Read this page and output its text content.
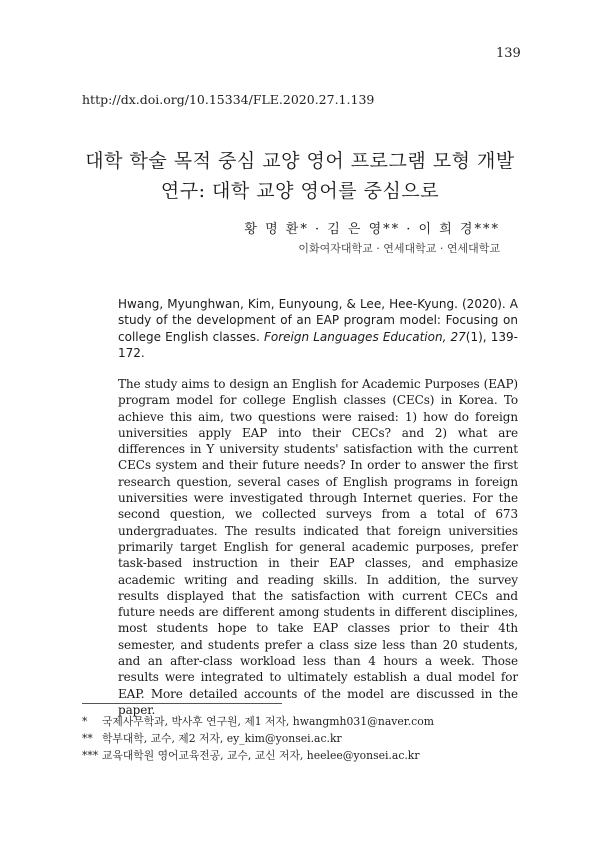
139
http://dx.doi.org/10.15334/FLE.2020.27.1.139
대학 학술 목적 중심 교양 영어 프로그램 모형 개발
연구: 대학 교양 영어를 중심으로
황 명 환* · 김 은 영** · 이 희 경***
이화여자대학교 · 연세대학교 · 연세대학교
Hwang, Myunghwan, Kim, Eunyoung, & Lee, Hee-Kyung. (2020). A study of the development of an EAP program model: Focusing on college English classes. Foreign Languages Education, 27(1), 139-172.
The study aims to design an English for Academic Purposes (EAP) program model for college English classes (CECs) in Korea. To achieve this aim, two questions were raised: 1) how do foreign universities apply EAP into their CECs? and 2) what are differences in Y university students' satisfaction with the current CECs system and their future needs? In order to answer the first research question, several cases of English programs in foreign universities were investigated through Internet queries. For the second question, we collected surveys from a total of 673 undergraduates. The results indicated that foreign universities primarily target English for general academic purposes, prefer task-based instruction in their EAP classes, and emphasize academic writing and reading skills. In addition, the survey results displayed that the satisfaction with current CECs and future needs are different among students in different disciplines, most students hope to take EAP classes prior to their 4th semester, and students prefer a class size less than 20 students, and an after-class workload less than 4 hours a week. Those results were integrated to ultimately establish a dual model for EAP. More detailed accounts of the model are discussed in the paper.
*	국제사무학과, 박사후 연구원, 제1 저자, hwangmh031@naver.com
** 학부대학, 교수, 제2 저자, ey_kim@yonsei.ac.kr
*** 교육대학원 영어교육전공, 교수, 교신 저자, heelee@yonsei.ac.kr
